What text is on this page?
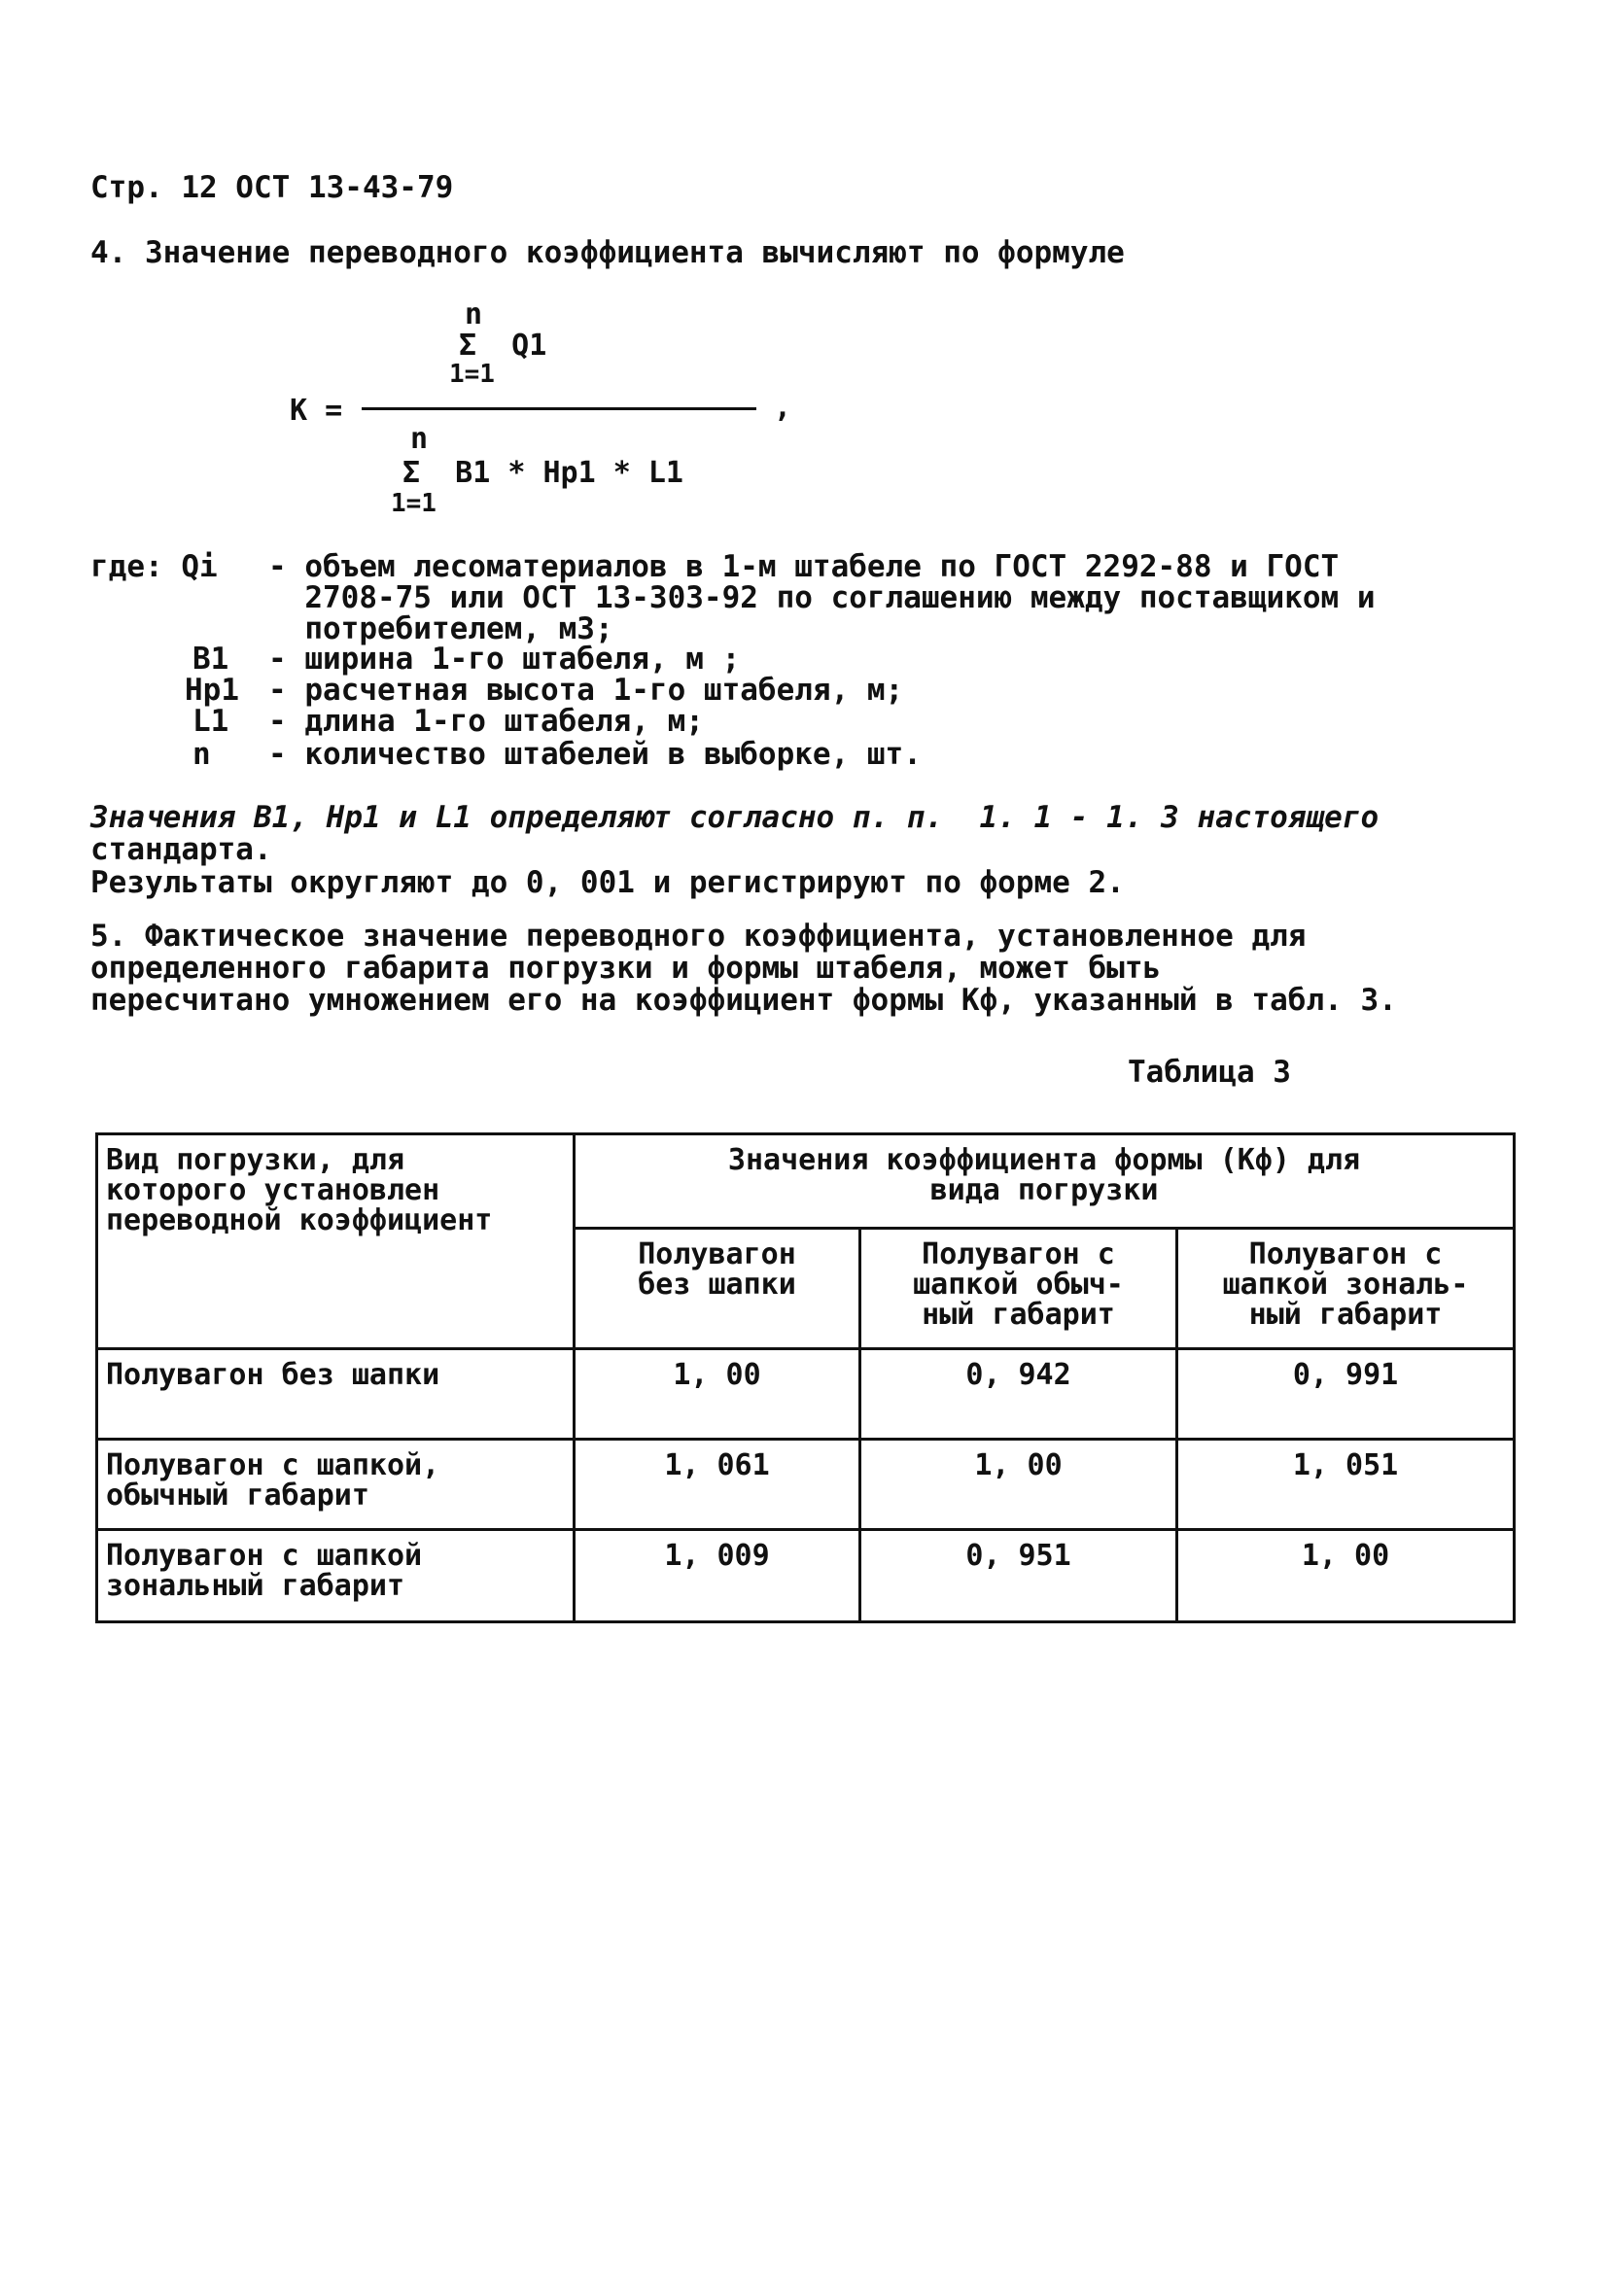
Стр. 12 ОСТ 13-43-79
4. Значение переводного коэффициента вычисляют по формуле
n
Σ  Q1
1=1
K =	,
n
Σ  B1 * Hp1 * L1
1=1
где: Qi - объем лесоматериалов в 1-м штабеле по ГОСТ 2292-88 и ГОСТ
2708-75 или ОСТ 13-303-92 по соглашению между поставщиком и
потребителем, м3;
B1 - ширина 1-го штабеля, м ;
Hp1 - расчетная высота 1-го штабеля, м;
L1 - длина 1-го штабеля, м;
n - количество штабелей в выборке, шт.
Значения B1, Hp1 и L1 определяют согласно п. п.  1. 1 - 1. 3 настоящего
стандарта.
Результаты округляют до 0, 001 и регистрируют по форме 2.
5. Фактическое значение переводного коэффициента, установленное для
определенного габарита погрузки и формы штабеля, может быть
пересчитано умножением его на коэффициент формы Кф, указанный в табл. 3.
Таблица 3
Вид погрузки, для
которого установлен
переводной коэффициент	Значения коэффициента формы (Кф) для
вида погрузки		
	Полувагон
без шапки	Полувагон с
шапкой обыч-
ный габарит	Полувагон с
шапкой зональ-
ный габарит
Полувагон без шапки	1, 00	0, 942	0, 991
Полувагон с шапкой,
обычный габарит	1, 061	1, 00	1, 051
Полувагон с шапкой
зональный габарит	1, 009	0, 951	1, 00
